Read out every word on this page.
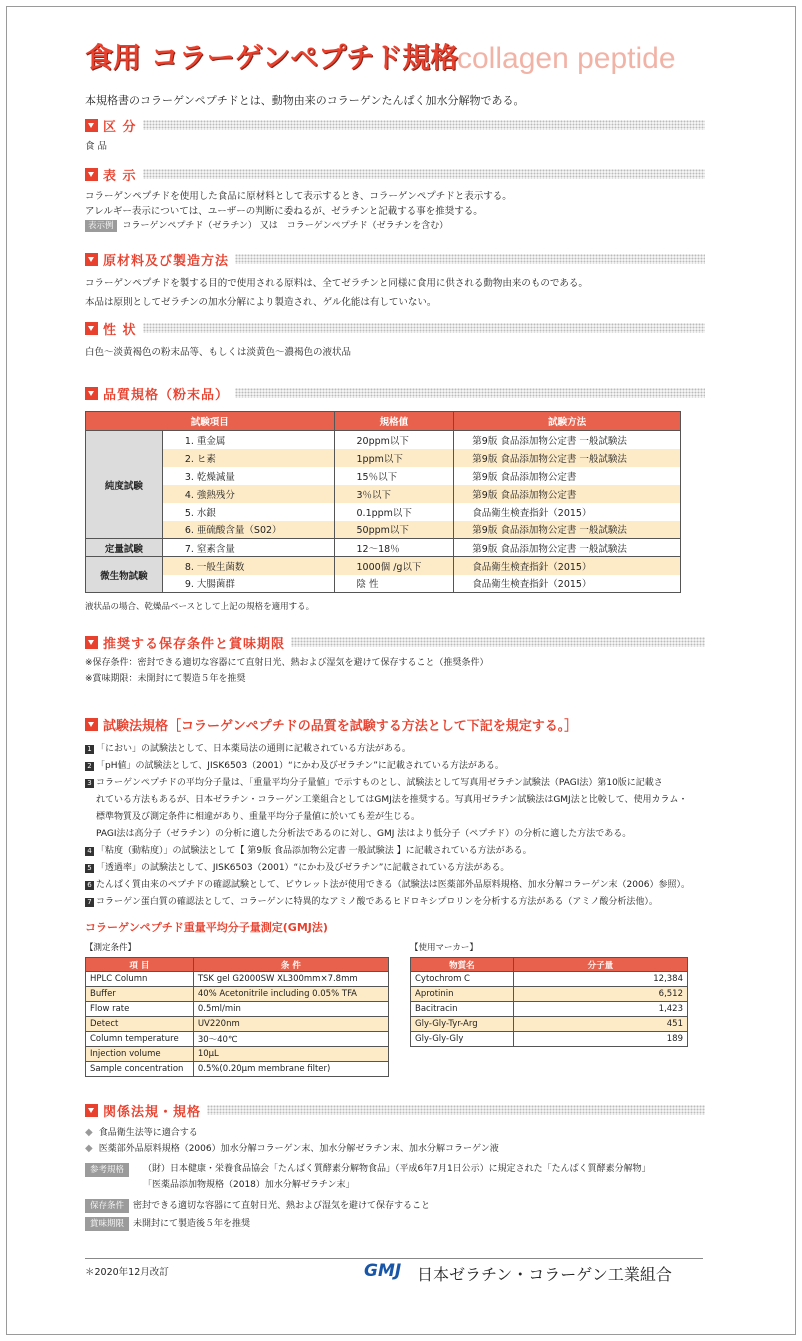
食用 コラーゲンペプチド規格
collagen peptide
本規格書のコラーゲンペプチドとは、動物由来のコラーゲンたんぱく加水分解物である。
区 分
食 品
表 示
コラーゲンペプチドを使用した食品に原材料として表示するとき、コラーゲンペプチドと表示する。
アレルギー表示については、ユーザーの判断に委ねるが、ゼラチンと記載する事を推奨する。
表示例 コラーゲンペプチド（ゼラチン） 又は　コラーゲンペプチド（ゼラチンを含む）
原材料及び製造方法
コラーゲンペプチドを製する目的で使用される原料は、全てゼラチンと同様に食用に供される動物由来のものである。
本品は原則としてゼラチンの加水分解により製造され、ゲル化能は有していない。
性 状
白色～淡黄褐色の粉末品等、もしくは淡黄色～濃褐色の液状品
品質規格（粉末品）
試験項目		規格値	試験方法
純度試験	1. 重金属	20ppm以下	第9版 食品添加物公定書 一般試験法
	2. ヒ素	1ppm以下	第9版 食品添加物公定書 一般試験法
	3. 乾燥減量	15％以下	第9版 食品添加物公定書
	4. 強熱残分	3％以下	第9版 食品添加物公定書
	5. 水銀	0.1ppm以下	食品衛生検査指針（2015）
	6. 亜硫酸含量（S02）	50ppm以下	第9版 食品添加物公定書 一般試験法
定量試験	7. 窒素含量	12～18％	第9版 食品添加物公定書 一般試験法
微生物試験	8. 一般生菌数	1000個 /g以下	食品衛生検査指針（2015）
	9. 大腸菌群	陰 性	食品衛生検査指針（2015）
液状品の場合、乾燥品ベースとして上記の規格を適用する。
推奨する保存条件と賞味期限
※保存条件：密封できる適切な容器にて直射日光、熱および湿気を避けて保存すること（推奨条件）
※賞味期限：未開封にて製造５年を推奨
試験法規格［コラーゲンペプチドの品質を試験する方法として下記を規定する。］
1 「におい」の試験法として、日本薬局法の通則に記載されている方法がある。
2 「pH値」の試験法として、JISK6503（2001）“にかわ及びゼラチン”に記載されている方法がある。
3 コラーゲンペプチドの平均分子量は、「重量平均分子量値」で示すものとし、試験法として写真用ゼラチン試験法（PAGI法）第10版に記載さ
れている方法もあるが、日本ゼラチン・コラーゲン工業組合としてはGMJ法を推奨する。写真用ゼラチン試験法はGMJ法と比較して、使用カラム・
標準物質及び測定条件に相違があり、重量平均分子量値に於いても差が生じる。
PAGI法は高分子（ゼラチン）の分析に適した分析法であるのに対し、GMJ 法はより低分子（ペプチド）の分析に適した方法である。
4 「粘度（動粘度）」の試験法として【 第9版 食品添加物公定書 一般試験法 】に記載されている方法がある。
5 「透過率」の試験法として、JISK6503（2001）“にかわ及びゼラチン”に記載されている方法がある。
6 たんぱく質由来のペプチドの確認試験として、ビウレット法が使用できる（試験法は医薬部外品原料規格、加水分解コラーゲン末（2006）参照）。
7 コラーゲン蛋白質の確認法として、コラーゲンに特異的なアミノ酸であるヒドロキシプロリンを分析する方法がある（アミノ酸分析法他）。
コラーゲンペプチド重量平均分子量測定(GMJ法)
【測定条件】
項 目	条 件
HPLC Column	TSK gel G2000SW XL300mm×7.8mm
Buffer	40% Acetonitrile including 0.05% TFA
Flow rate	0.5ml/min
Detect	UV220nm
Column temperature	30～40℃
Injection volume	10μL
Sample concentration	0.5%(0.20μm membrane filter)
【使用マーカー】
物質名	分子量
Cytochrom C	12,384
Aprotinin	6,512
Bacitracin	1,423
Gly-Gly-Tyr-Arg	451
Gly-Gly-Gly	189
関係法規・規格
◆ 食品衛生法等に適合する
◆ 医薬部外品原料規格（2006）加水分解コラーゲン末、加水分解ゼラチン末、加水分解コラーゲン液
参考規格	（財）日本健康・栄養食品協会「たんぱく質酵素分解物食品」（平成6年7月1日公示）に規定された「たんぱく質酵素分解物」
「医薬品添加物規格（2018）加水分解ゼラチン末」
保存条件 密封できる適切な容器にて直射日光、熱および湿気を避けて保存すること
賞味期限 未開封にて製造後５年を推奨
＊2020年12月改訂	GMJ 日本ゼラチン・コラーゲン工業組合
